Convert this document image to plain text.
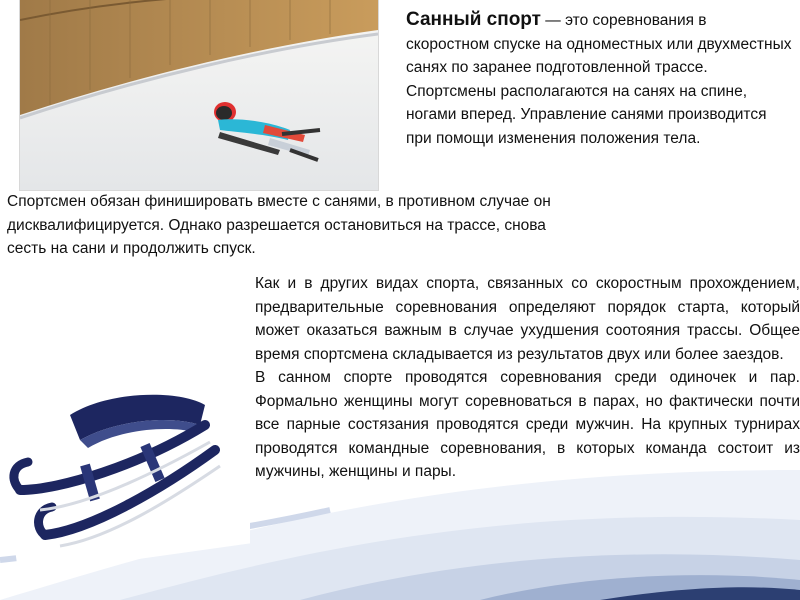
Санный спорт — это соревнования в скоростном спуске на одноместных или двухместных санях по заранее подготовленной трассе. Спортсмены располагаются на санях на спине, ногами вперед. Управление санями производится при помощи изменения положения тела.
Спортсмен обязан финишировать вместе с санями, в противном случае он дисквалифицируется. Однако разрешается остановиться на трассе, снова сесть на сани и продолжить спуск.

Как и в других видах спорта, связанных со скоростным прохождением, предварительные соревнования определяют порядок старта, который может оказаться важным в случае ухудшения соотояния трассы. Общее время спортсмена складывается из результатов двух или более заездов.

В санном спорте проводятся соревнования среди одиночек и пар. Формально женщины могут соревноваться в парах, но фактически почти все парные состязания проводятся среди мужчин. На крупных турнирах проводятся командные соревнования, в которых команда состоит из мужчины, женщины и пары.
